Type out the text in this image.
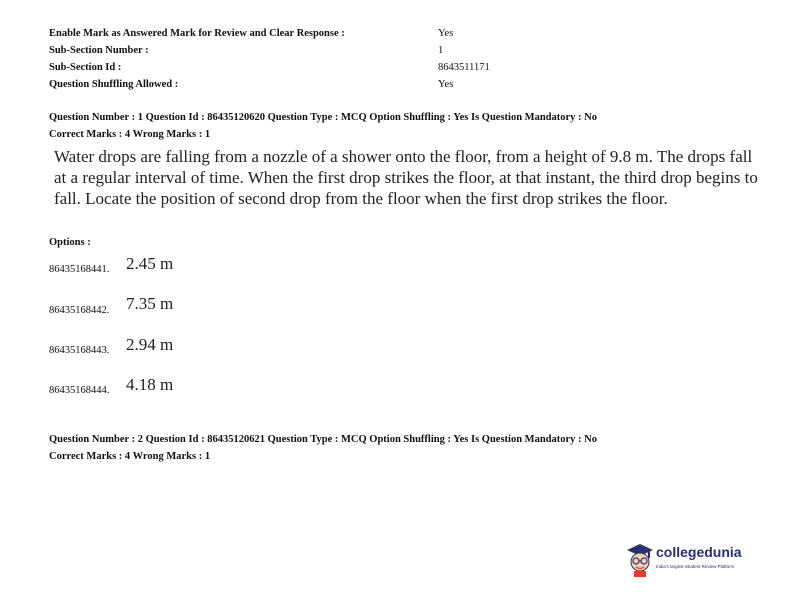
Enable Mark as Answered Mark for Review and Clear Response :	Yes
Sub-Section Number :	1
Sub-Section Id :	8643511171
Question Shuffling Allowed :	Yes
Question Number : 1 Question Id : 86435120620 Question Type : MCQ Option Shuffling : Yes Is Question Mandatory : No
Correct Marks : 4 Wrong Marks : 1
Water drops are falling from a nozzle of a shower onto the floor, from a height of 9.8 m. The drops fall at a regular interval of time. When the first drop strikes the floor, at that instant, the third drop begins to fall. Locate the position of second drop from the floor when the first drop strikes the floor.
Options :
86435168441. 2.45 m
86435168442. 7.35 m
86435168443. 2.94 m
86435168444. 4.18 m
Question Number : 2 Question Id : 86435120621 Question Type : MCQ Option Shuffling : Yes Is Question Mandatory : No
Correct Marks : 4 Wrong Marks : 1
collegedunia
India's largest Student Review Platform
